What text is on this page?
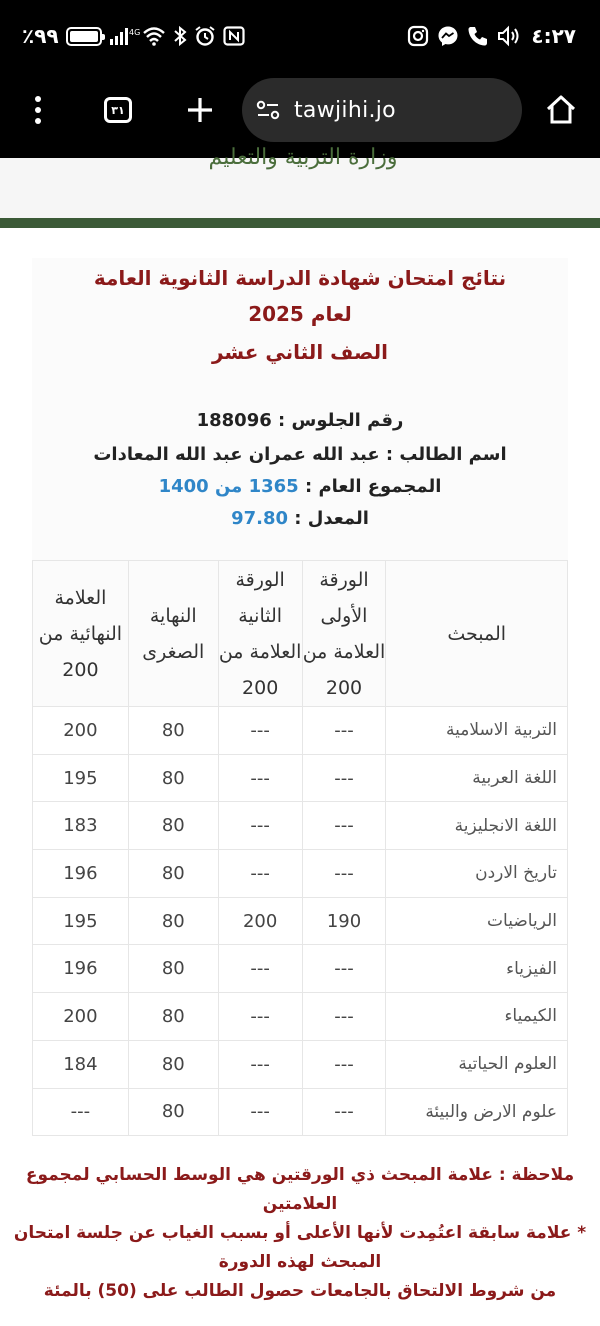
٪٩٩	4G	٤:٢٧
٣١	tawjihi.jo
وزارة التربية والتعليم
نتائج امتحان شهادة الدراسة الثانوية العامة
لعام 2025
الصف الثاني عشر
رقم الجلوس : 188096
اسم الطالب : عبد الله عمران عبد الله المعادات
المجموع العام : 1365 من 1400
المعدل : 97.80
المبحث	الورقة الأولى العلامة من 200	الورقة الثانية العلامة من 200	النهاية الصغرى	العلامة النهائية من 200
التربية الاسلامية	---	---	80	200
اللغة العربية	---	---	80	195
اللغة الانجليزية	---	---	80	183
تاريخ الاردن	---	---	80	196
الرياضيات	190	200	80	195
الفيزياء	---	---	80	196
الكيمياء	---	---	80	200
العلوم الحياتية	---	---	80	184
علوم الارض والبيئة	---	---	80	---
ملاحظة : علامة المبحث ذي الورقتين هي الوسط الحسابي لمجموع العلامتين
* علامة سابقة اعتُمِدت لأنها الأعلى أو بسبب الغياب عن جلسة امتحان المبحث لهذه الدورة
من شروط الالتحاق بالجامعات حصول الطالب على (50) بالمئة
